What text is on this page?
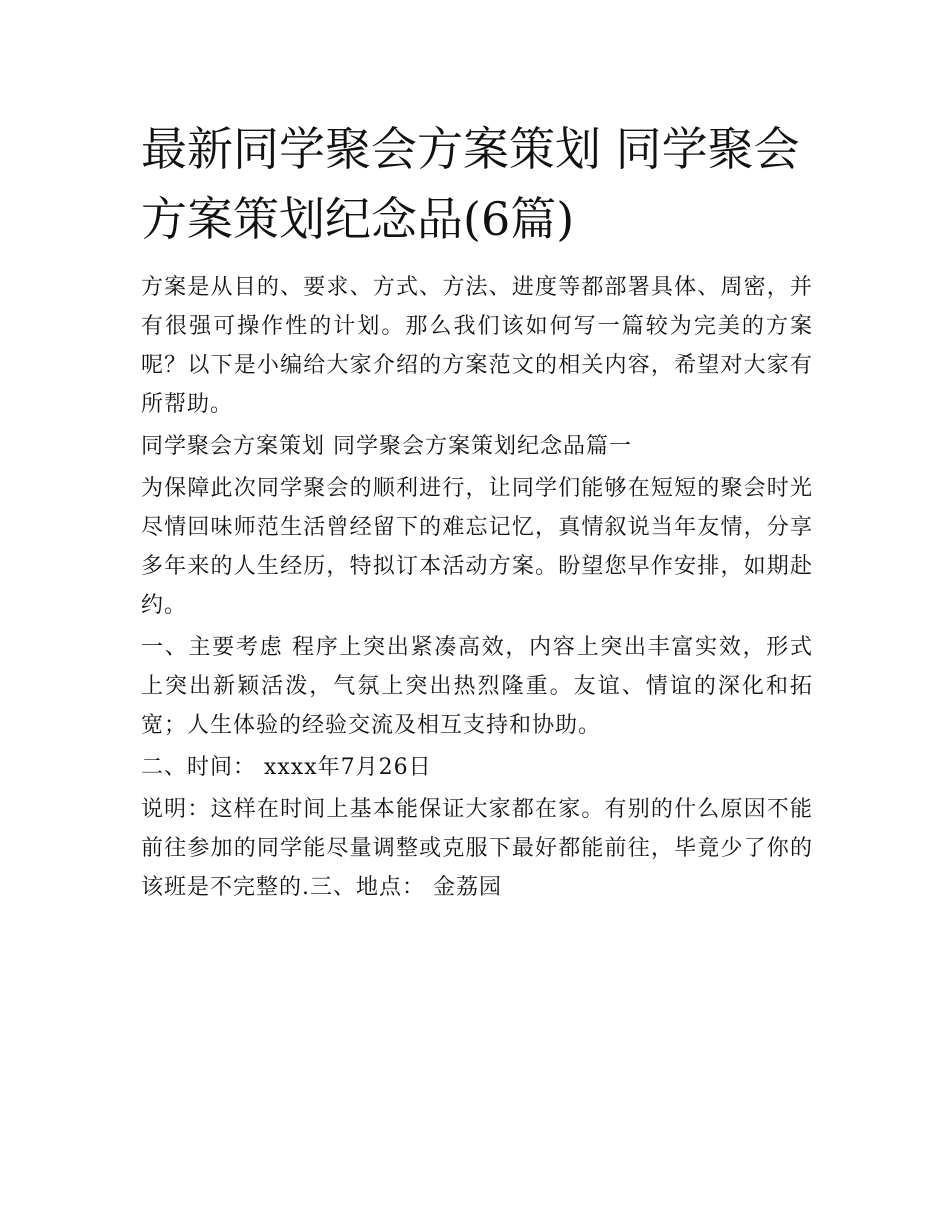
最新同学聚会方案策划 同学聚会方案策划纪念品(6篇)

方案是从目的、要求、方式、方法、进度等都部署具体、周密，并有很强可操作性的计划。那么我们该如何写一篇较为完美的方案呢？以下是小编给大家介绍的方案范文的相关内容，希望对大家有所帮助。

同学聚会方案策划 同学聚会方案策划纪念品篇一

为保障此次同学聚会的顺利进行，让同学们能够在短短的聚会时光尽情回味师范生活曾经留下的难忘记忆，真情叙说当年友情，分享多年来的人生经历，特拟订本活动方案。盼望您早作安排，如期赴约。

一、主要考虑 程序上突出紧凑高效，内容上突出丰富实效，形式上突出新颖活泼，气氛上突出热烈隆重。友谊、情谊的深化和拓宽；人生体验的经验交流及相互支持和协助。

二、时间： xxxx年7月26日

说明：这样在时间上基本能保证大家都在家。有别的什么原因不能前往参加的同学能尽量调整或克服下最好都能前往，毕竟少了你的该班是不完整的.三、地点： 金荔园
